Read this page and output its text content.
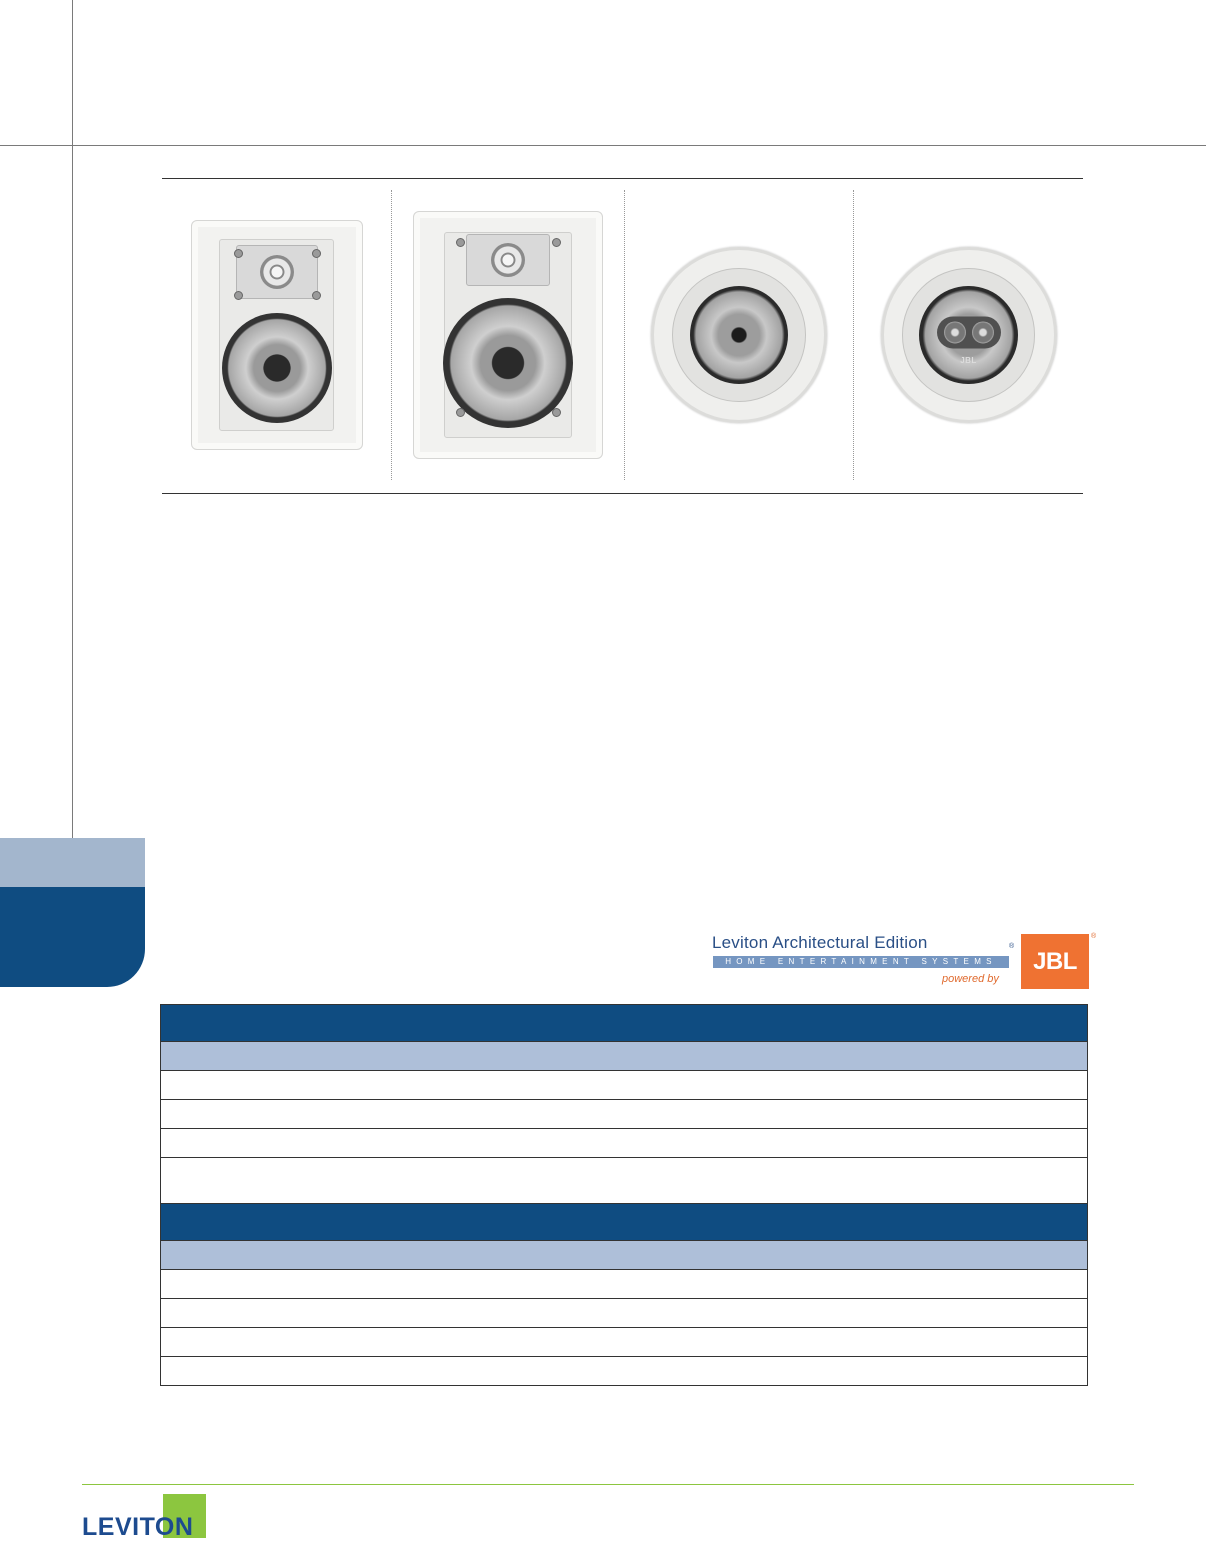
JBL
Leviton Architectural Edition	®
HOME ENTERTAINMENT SYSTEMS
powered by
JBL
®
LEVITON
